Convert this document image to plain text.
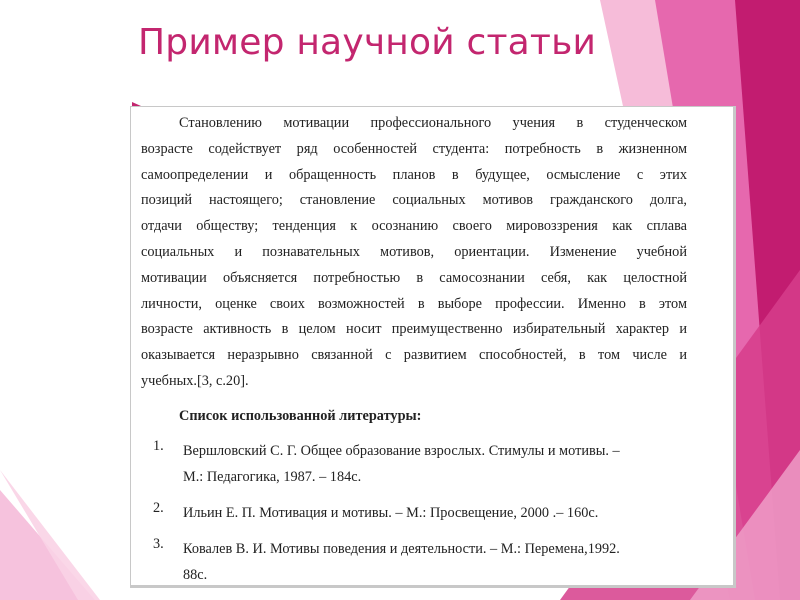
Пример научной статьи
Становлению мотивации профессионального учения в студенческом
возрасте содействует ряд особенностей студента: потребность в жизненном
самоопределении и обращенность планов в будущее, осмысление с этих
позиций настоящего; становление социальных мотивов гражданского долга,
отдачи обществу; тенденция к осознанию своего мировоззрения как сплава
социальных и познавательных мотивов, ориентации. Изменение учебной
мотивации объясняется потребностью в самосознании себя, как целостной
личности, оценке своих возможностей в выборе профессии. Именно в этом
возрасте активность в целом носит преимущественно избирательный характер и
оказывается неразрывно связанной с развитием способностей, в том числе и
учебных.[3, с.20].
Список использованной литературы:
1.	Вершловский С. Г. Общее образование взрослых. Стимулы и мотивы. –
М.: Педагогика, 1987. – 184с.
2.	Ильин Е. П. Мотивация и мотивы. – М.: Просвещение, 2000 .– 160с.
3.	Ковалев В. И. Мотивы поведения и деятельности. – М.: Перемена,1992.
88с.
